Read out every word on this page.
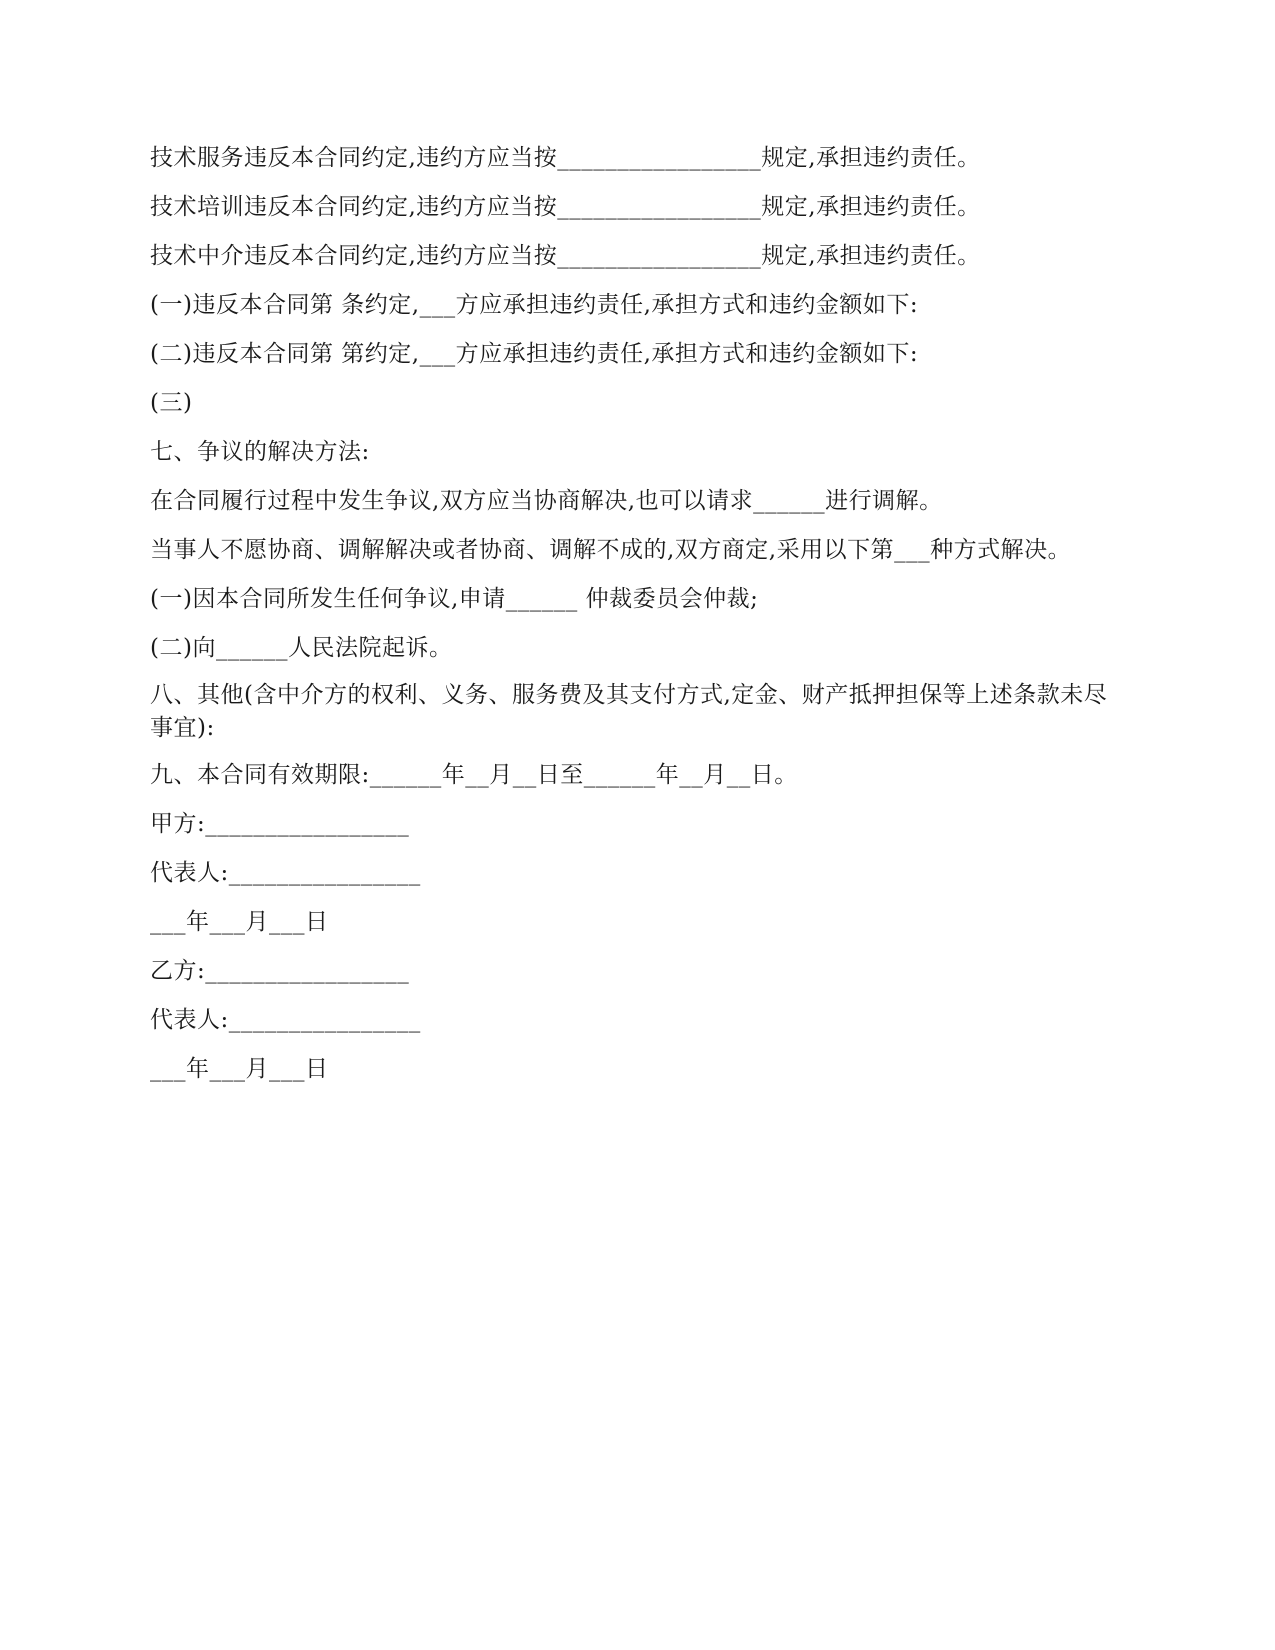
技术服务违反本合同约定,违约方应当按_________________规定,承担违约责任。
技术培训违反本合同约定,违约方应当按_________________规定,承担违约责任。
技术中介违反本合同约定,违约方应当按_________________规定,承担违约责任。
(一)违反本合同第 条约定,___方应承担违约责任,承担方式和违约金额如下:
(二)违反本合同第 第约定,___方应承担违约责任,承担方式和违约金额如下:
(三)
七、争议的解决方法:
在合同履行过程中发生争议,双方应当协商解决,也可以请求______进行调解。
当事人不愿协商、调解解决或者协商、调解不成的,双方商定,采用以下第___种方式解决。
(一)因本合同所发生任何争议,申请______ 仲裁委员会仲裁;
(二)向______人民法院起诉。
八、其他(含中介方的权利、义务、服务费及其支付方式,定金、财产抵押担保等上述条款未尽事宜):
九、本合同有效期限:______年__月__日至______年__月__日。
甲方:_________________
代表人:________________
___年___月___日
乙方:_________________
代表人:________________
___年___月___日
